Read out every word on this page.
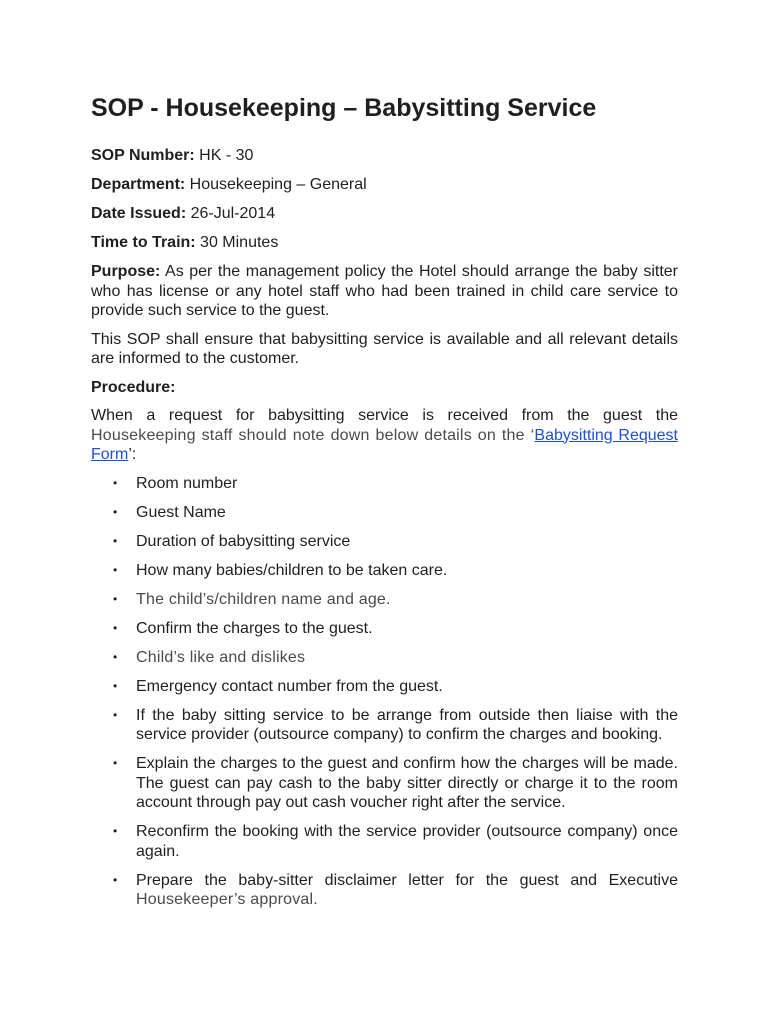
SOP - Housekeeping – Babysitting Service

SOP Number: HK - 30

Department: Housekeeping – General

Date Issued: 26-Jul-2014

Time to Train: 30 Minutes

Purpose: As per the management policy the Hotel should arrange the baby sitter who has license or any hotel staff who had been trained in child care service to provide such service to the guest.

This SOP shall ensure that babysitting service is available and all relevant details are informed to the customer.

Procedure:

When a request for babysitting service is received from the guest the Housekeeping staff should note down below details on the ‘Babysitting Request Form’:

• Room number
• Guest Name
• Duration of babysitting service
• How many babies/children to be taken care.
• The child’s/children name and age.
• Confirm the charges to the guest.
• Child’s like and dislikes
• Emergency contact number from the guest.
• If the baby sitting service to be arrange from outside then liaise with the service provider (outsource company) to confirm the charges and booking.
• Explain the charges to the guest and confirm how the charges will be made. The guest can pay cash to the baby sitter directly or charge it to the room account through pay out cash voucher right after the service.
• Reconfirm the booking with the service provider (outsource company) once again.
• Prepare the baby-sitter disclaimer letter for the guest and Executive Housekeeper’s approval.
